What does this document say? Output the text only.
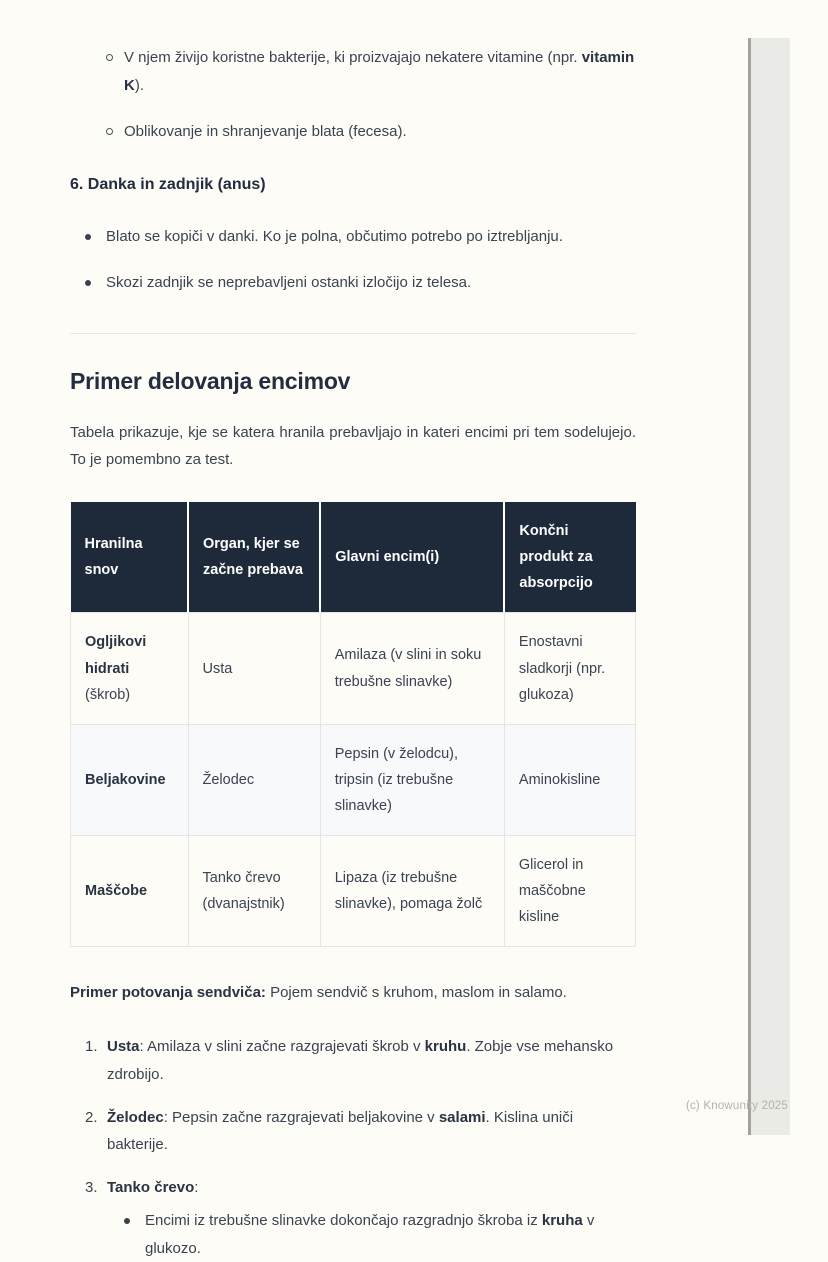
V njem živijo koristne bakterije, ki proizvajajo nekatere vitamine (npr. vitamin K).
Oblikovanje in shranjevanje blata (fecesa).
6. Danka in zadnjik (anus)
Blato se kopiči v danki. Ko je polna, občutimo potrebo po iztrebljanju.
Skozi zadnjik se neprebavljeni ostanki izločijo iz telesa.
Primer delovanja encimov

Tabela prikazuje, kje se katera hranila prebavljajo in kateri encimi pri tem sodelujejo. To je pomembno za test.

Hranilna snov	Organ, kjer se začne prebava	Glavni encim(i)	Končni produkt za absorpcijo
Ogljikovi hidrati (škrob)	Usta	Amilaza (v slini in soku trebušne slinavke)	Enostavni sladkorji (npr. glukoza)
Beljakovine	Želodec	Pepsin (v želodcu), tripsin (iz trebušne slinavke)	Aminokisline
Maščobe	Tanko črevo (dvanajstnik)	Lipaza (iz trebušne slinavke), pomaga žolč	Glicerol in maščobne kisline

Primer potovanja sendviča: Pojem sendvič s kruhom, maslom in salamo.

1. Usta: Amilaza v slini začne razgrajevati škrob v kruhu. Zobje vse mehansko zdrobijo.
2. Želodec: Pepsin začne razgrajevati beljakovine v salami. Kislina uniči bakterije.
3. Tanko črevo:
Encimi iz trebušne slinavke dokončajo razgradnjo škroba iz kruha v glukozo.
(c) Knowunity 2025
